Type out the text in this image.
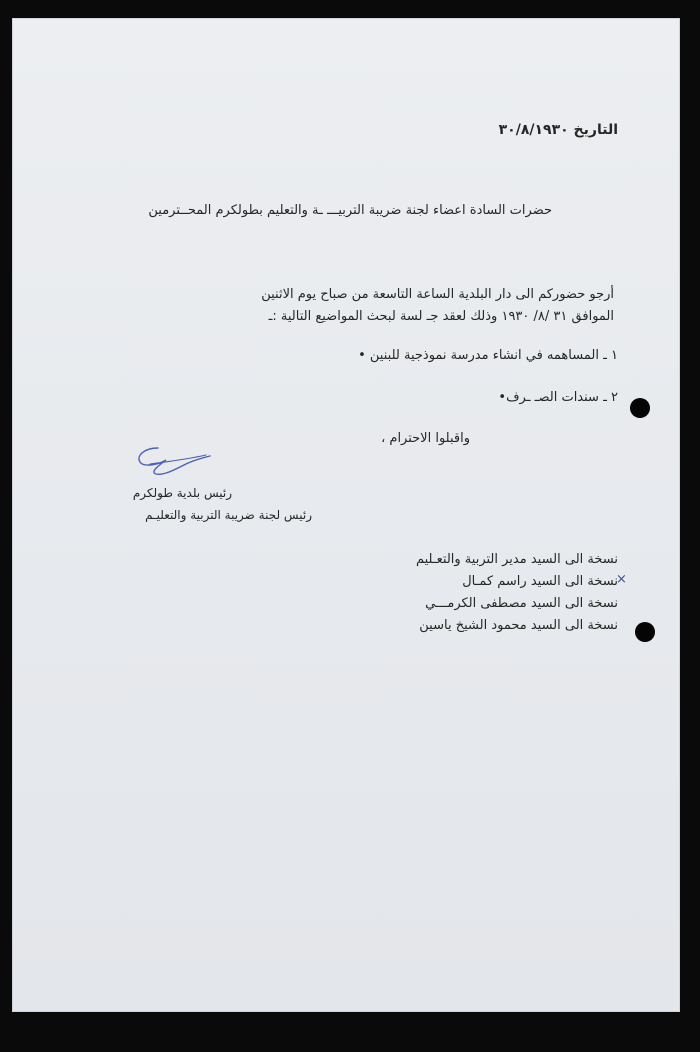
التاريخ ٣٠/٨/١٩٣٠
حضرات السادة اعضاء لجنة ضريبة التربيـــ ـة والتعليم بطولكرم المحــترمين
أرجو حضوركم الى دار البلدية الساعة التاسعة من صباح يوم الاثنين
الموافق ٣١ /٨/ ١٩٣٠ وذلك لعقد جـ لسة لبحث المواضيع التالية :ـ
١ ـ المساهمه في انشاء مدرسة نموذجية للبنين •
٢ ـ سندات الصـ ـرف•
واقبلوا الاحترام ،
رئيس بلدية طولكرم
رئيس لجنة ضريبة التربية والتعليـم
نسخة الى السيد مدير التربية والتعـليم
نسخة الى السيد راسم كمـال
×
نسخة الى السيد مصطفى الكرمـــي
نسخة الى السيد محمود الشيخ ياسين
